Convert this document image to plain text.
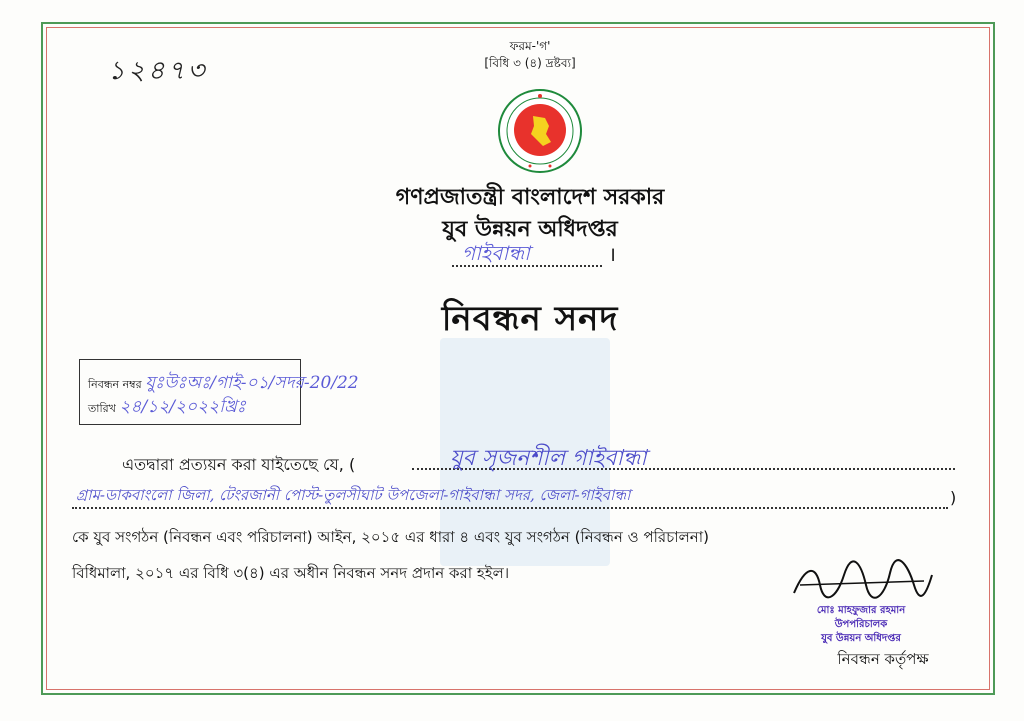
১২৪৭৩
ফরম-'গ'
[বিধি ৩ (৪) দ্রষ্টব্য]
গণপ্রজাতন্ত্রী বাংলাদেশ সরকার
যুব উন্নয়ন অধিদপ্তর
গাইবান্ধা	।
নিবন্ধন সনদ
নিবন্ধন নম্বর যুঃউঃঅঃ/গাই-০১/সদর-20/22
তারিখ ২৪/১২/২০২২খ্রিঃ
এতদ্বারা প্রত্যয়ন করা যাইতেছে যে, (	যুব সৃজনশীল গাইবান্ধা
গ্রাম-ডাকবাংলো জিলা, টেংরজানী পোস্ট-তুলসীঘাট উপজেলা-গাইবান্ধা সদর, জেলা-গাইবান্ধা	)
কে যুব সংগঠন (নিবন্ধন এবং পরিচালনা) আইন, ২০১৫ এর ধারা ৪ এবং যুব সংগঠন (নিবন্ধন ও পরিচালনা)
বিধিমালা, ২০১৭ এর বিধি ৩(৪) এর অধীন নিবন্ধন সনদ প্রদান করা হইল।
মোঃ মাহফুজার রহমান
উপপরিচালক
যুব উন্নয়ন অধিদপ্তর
নিবন্ধন কর্তৃপক্ষ
